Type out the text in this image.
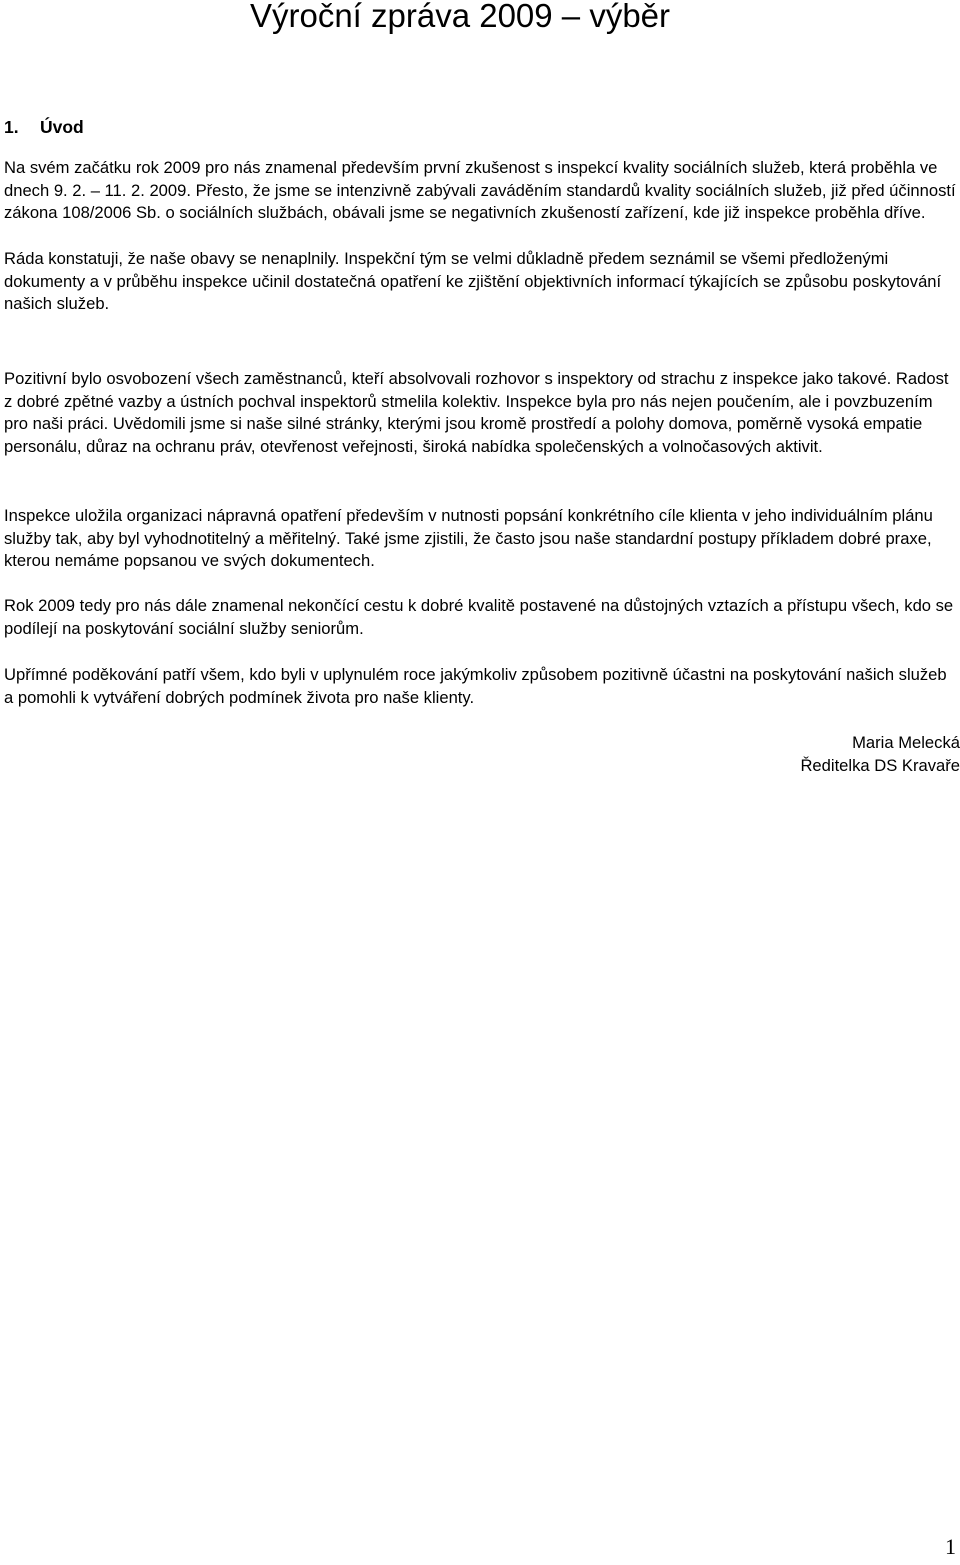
Výroční zpráva 2009 – výběr
1. Úvod

Na svém začátku rok 2009 pro nás znamenal především první zkušenost s inspekcí kvality sociálních služeb, která proběhla ve dnech 9. 2. – 11. 2. 2009. Přesto, že jsme se intenzivně zabývali zaváděním standardů kvality sociálních služeb, již před účinností zákona 108/2006 Sb. o sociálních službách, obávali jsme se negativních zkušeností zařízení, kde již inspekce proběhla dříve.

Ráda konstatuji, že naše obavy se nenaplnily. Inspekční tým se velmi důkladně předem seznámil se všemi předloženými dokumenty a v průběhu inspekce učinil dostatečná opatření ke zjištění objektivních informací týkajících se způsobu poskytování našich služeb.

Pozitivní bylo osvobození všech zaměstnanců, kteří absolvovali rozhovor s inspektory od strachu z inspekce jako takové. Radost z dobré zpětné vazby a ústních pochval inspektorů stmelila kolektiv. Inspekce byla pro nás nejen poučením, ale i povzbuzením pro naši práci. Uvědomili jsme si naše silné stránky, kterými jsou kromě prostředí a polohy domova, poměrně vysoká empatie personálu, důraz na ochranu práv, otevřenost veřejnosti, široká nabídka společenských a volnočasových aktivit.

Inspekce uložila organizaci nápravná opatření především v nutnosti popsání konkrétního cíle klienta v jeho individuálním plánu služby tak, aby byl vyhodnotitelný a měřitelný. Také jsme zjistili, že často jsou naše standardní postupy příkladem dobré praxe, kterou nemáme popsanou ve svých dokumentech.

Rok 2009 tedy pro nás dále znamenal nekončící cestu k dobré kvalitě postavené na důstojných vztazích a přístupu všech, kdo se podílejí na poskytování sociální služby seniorům.

Upřímné poděkování patří všem, kdo byli v uplynulém roce jakýmkoliv způsobem pozitivně účastni na poskytování našich služeb a pomohli k vytváření dobrých podmínek života pro naše klienty.

Maria Melecká
Ředitelka DS Kravaře
1
